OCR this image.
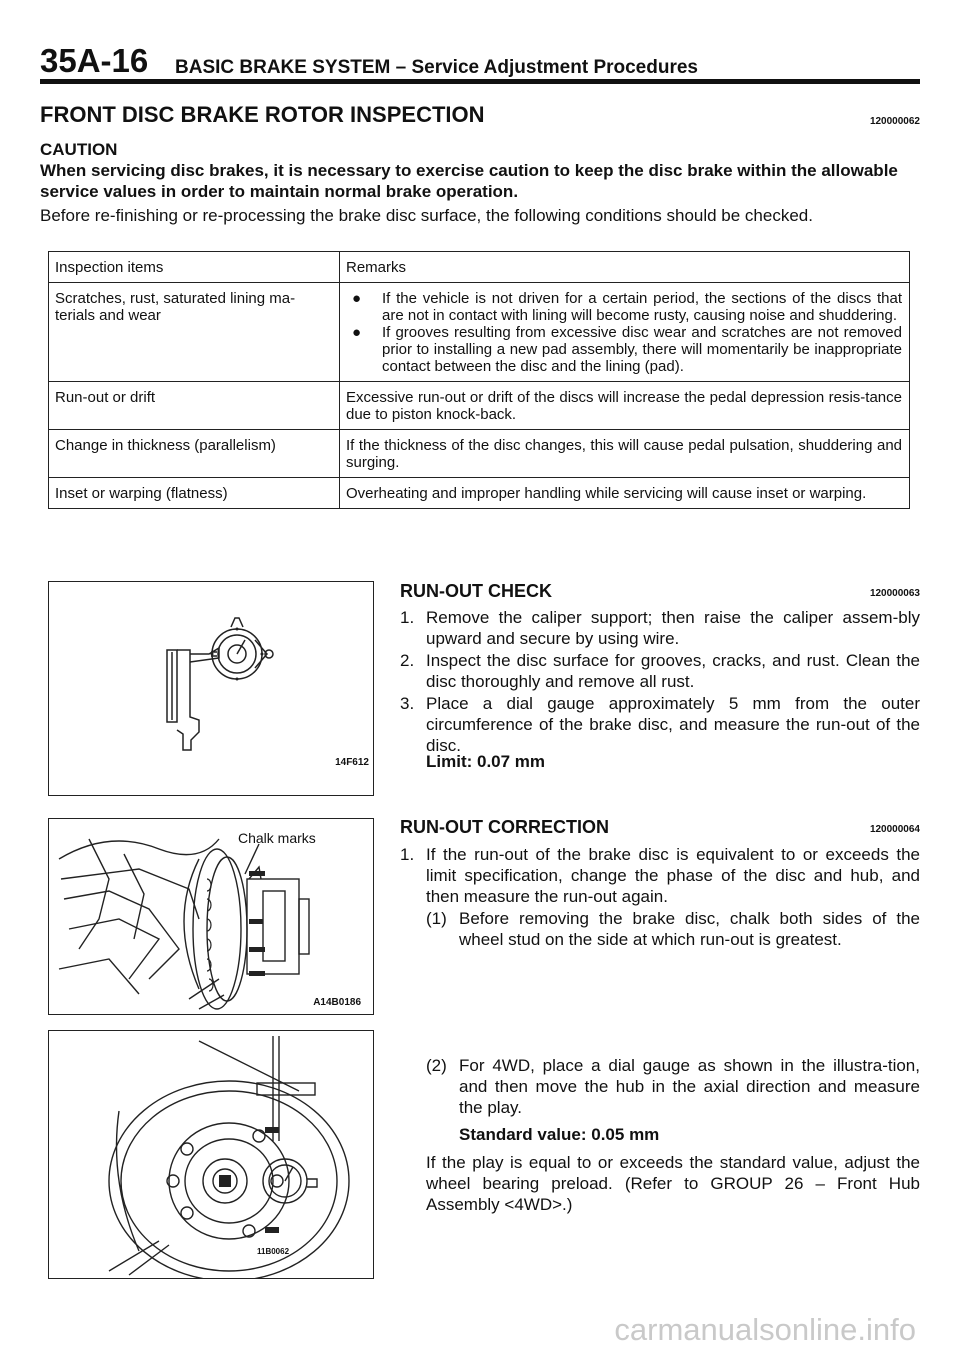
35A-16 BASIC BRAKE SYSTEM – Service Adjustment Procedures
FRONT DISC BRAKE ROTOR INSPECTION	120000062
CAUTION
When servicing disc brakes, it is necessary to exercise caution to keep the disc brake within the allowable service values in order to maintain normal brake operation.
Before re-finishing or re-processing the brake disc surface, the following conditions should be checked.
Inspection items	Remarks
Scratches, rust, saturated lining ma-terials and wear	● If the vehicle is not driven for a certain period, the sections of the discs that are not in contact with lining will become rusty, causing noise and shuddering.
● If grooves resulting from excessive disc wear and scratches are not removed prior to installing a new pad assembly, there will momentarily be inappropriate contact between the disc and the lining (pad).

Run-out or drift	Excessive run-out or drift of the discs will increase the pedal depression resis-tance due to piston knock-back.
Change in thickness (parallelism)	If the thickness of the disc changes, this will cause pedal pulsation, shuddering and surging.
Inset or warping (flatness)	Overheating and improper handling while servicing will cause inset or warping.
14F612
Chalk marks
A14B0186
11B0062
RUN-OUT CHECK	120000063
1. Remove the caliper support; then raise the caliper assem-bly upward and secure by using wire.
2. Inspect the disc surface for grooves, cracks, and rust. Clean the disc thoroughly and remove all rust.
3. Place a dial gauge approximately 5 mm from the outer circumference of the brake disc, and measure the run-out of the disc.
Limit: 0.07 mm
RUN-OUT CORRECTION	120000064
1. If the run-out of the brake disc is equivalent to or exceeds the limit specification, change the phase of the disc and hub, and then measure the run-out again.
(1) Before removing the brake disc, chalk both sides of the wheel stud on the side at which run-out is greatest.
(2) For 4WD, place a dial gauge as shown in the illustra-tion, and then move the hub in the axial direction and measure the play.
Standard value: 0.05 mm
If the play is equal to or exceeds the standard value, adjust the wheel bearing preload. (Refer to GROUP 26 – Front Hub Assembly <4WD>.)
carmanualsonline.info
